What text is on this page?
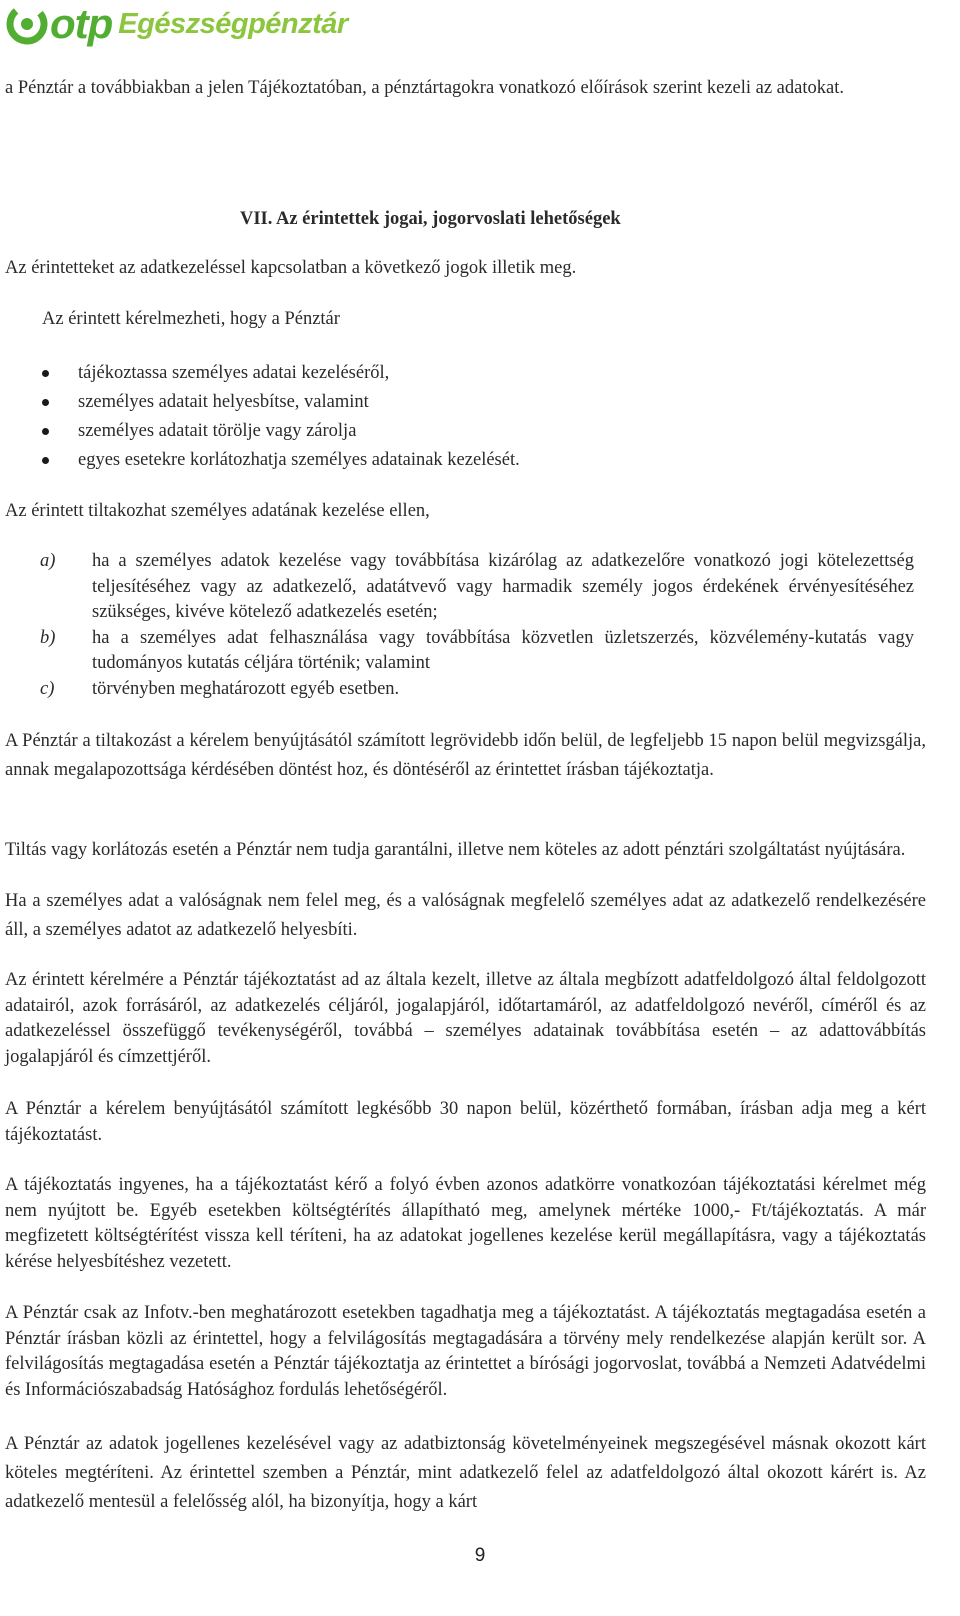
otp Egészségpénztár

a Pénztár a továbbiakban a jelen Tájékoztatóban, a pénztártagokra vonatkozó előírások szerint kezeli az adatokat.

VII. Az érintettek jogai, jogorvoslati lehetőségek

Az érintetteket az adatkezeléssel kapcsolatban a következő jogok illetik meg.

Az érintett kérelmezheti, hogy a Pénztár

tájékoztassa személyes adatai kezeléséről,
személyes adatait helyesbítse, valamint
személyes adatait törölje vagy zárolja
egyes esetekre korlátozhatja személyes adatainak kezelését.

Az érintett tiltakozhat személyes adatának kezelése ellen,

a) ha a személyes adatok kezelése vagy továbbítása kizárólag az adatkezelőre vonatkozó jogi kötelezettség teljesítéséhez vagy az adatkezelő, adatátvevő vagy harmadik személy jogos érdekének érvényesítéséhez szükséges, kivéve kötelező adatkezelés esetén;
b) ha a személyes adat felhasználása vagy továbbítása közvetlen üzletszerzés, közvélemény-kutatás vagy tudományos kutatás céljára történik; valamint
c) törvényben meghatározott egyéb esetben.

A Pénztár a tiltakozást a kérelem benyújtásától számított legrövidebb időn belül, de legfeljebb 15 napon belül megvizsgálja, annak megalapozottsága kérdésében döntést hoz, és döntéséről az érintettet írásban tájékoztatja.

Tiltás vagy korlátozás esetén a Pénztár nem tudja garantálni, illetve nem köteles az adott pénztári szolgáltatást nyújtására.

Ha a személyes adat a valóságnak nem felel meg, és a valóságnak megfelelő személyes adat az adatkezelő rendelkezésére áll, a személyes adatot az adatkezelő helyesbíti.

Az érintett kérelmére a Pénztár tájékoztatást ad az általa kezelt, illetve az általa megbízott adatfeldolgozó által feldolgozott adatairól, azok forrásáról, az adatkezelés céljáról, jogalapjáról, időtartamáról, az adatfeldolgozó nevéről, címéről és az adatkezeléssel összefüggő tevékenységéről, továbbá – személyes adatainak továbbítása esetén – az adattovábbítás jogalapjáról és címzettjéről.

A Pénztár a kérelem benyújtásától számított legkésőbb 30 napon belül, közérthető formában, írásban adja meg a kért tájékoztatást.

A tájékoztatás ingyenes, ha a tájékoztatást kérő a folyó évben azonos adatkörre vonatkozóan tájékoztatási kérelmet még nem nyújtott be. Egyéb esetekben költségtérítés állapítható meg, amelynek mértéke 1000,- Ft/tájékoztatás. A már megfizetett költségtérítést vissza kell téríteni, ha az adatokat jogellenes kezelése kerül megállapításra, vagy a tájékoztatás kérése helyesbítéshez vezetett.

A Pénztár csak az Infotv.-ben meghatározott esetekben tagadhatja meg a tájékoztatást. A tájékoztatás megtagadása esetén a Pénztár írásban közli az érintettel, hogy a felvilágosítás megtagadására a törvény mely rendelkezése alapján került sor. A felvilágosítás megtagadása esetén a Pénztár tájékoztatja az érintettet a bírósági jogorvoslat, továbbá a Nemzeti Adatvédelmi és Információszabadság Hatósághoz fordulás lehetőségéről.

A Pénztár az adatok jogellenes kezelésével vagy az adatbiztonság követelményeinek megszegésével másnak okozott kárt köteles megtéríteni. Az érintettel szemben a Pénztár, mint adatkezelő felel az adatfeldolgozó által okozott kárért is. Az adatkezelő mentesül a felelősség alól, ha bizonyítja, hogy a kárt

9
